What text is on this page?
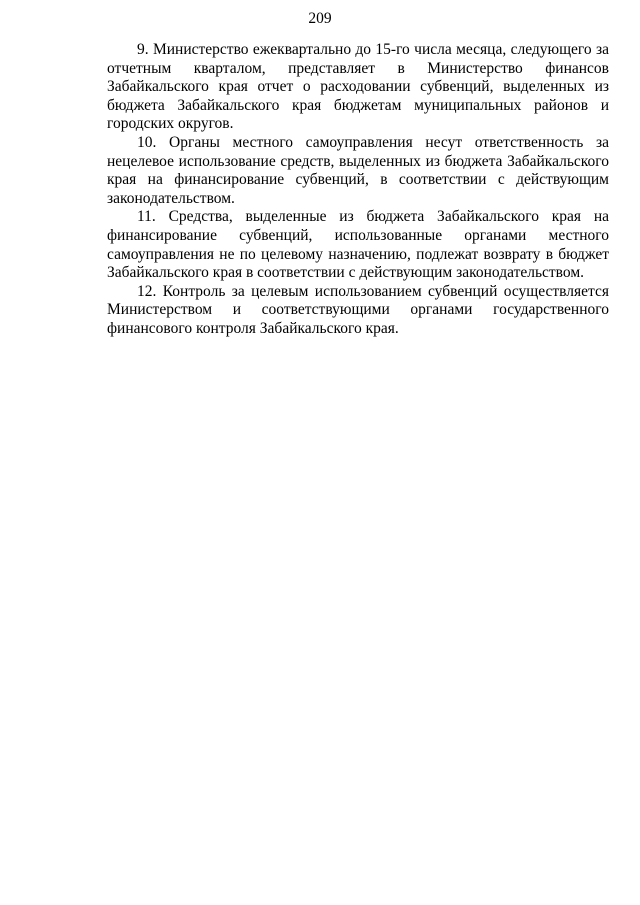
209

9. Министерство ежеквартально до 15-го числа месяца, следующего за отчетным кварталом, представляет в Министерство финансов Забайкальского края отчет о расходовании субвенций, выделенных из бюджета Забайкальского края бюджетам муниципальных районов и городских округов.

10. Органы местного самоуправления несут ответственность за нецелевое использование средств, выделенных из бюджета Забайкальского края на финансирование субвенций, в соответствии с действующим законодательством.

11. Средства, выделенные из бюджета Забайкальского края на финансирование субвенций, использованные органами местного самоуправления не по целевому назначению, подлежат возврату в бюджет Забайкальского края в соответствии с действующим законодательством.

12. Контроль за целевым использованием субвенций осуществляется Министерством и соответствующими органами государственного финансового контроля Забайкальского края.
